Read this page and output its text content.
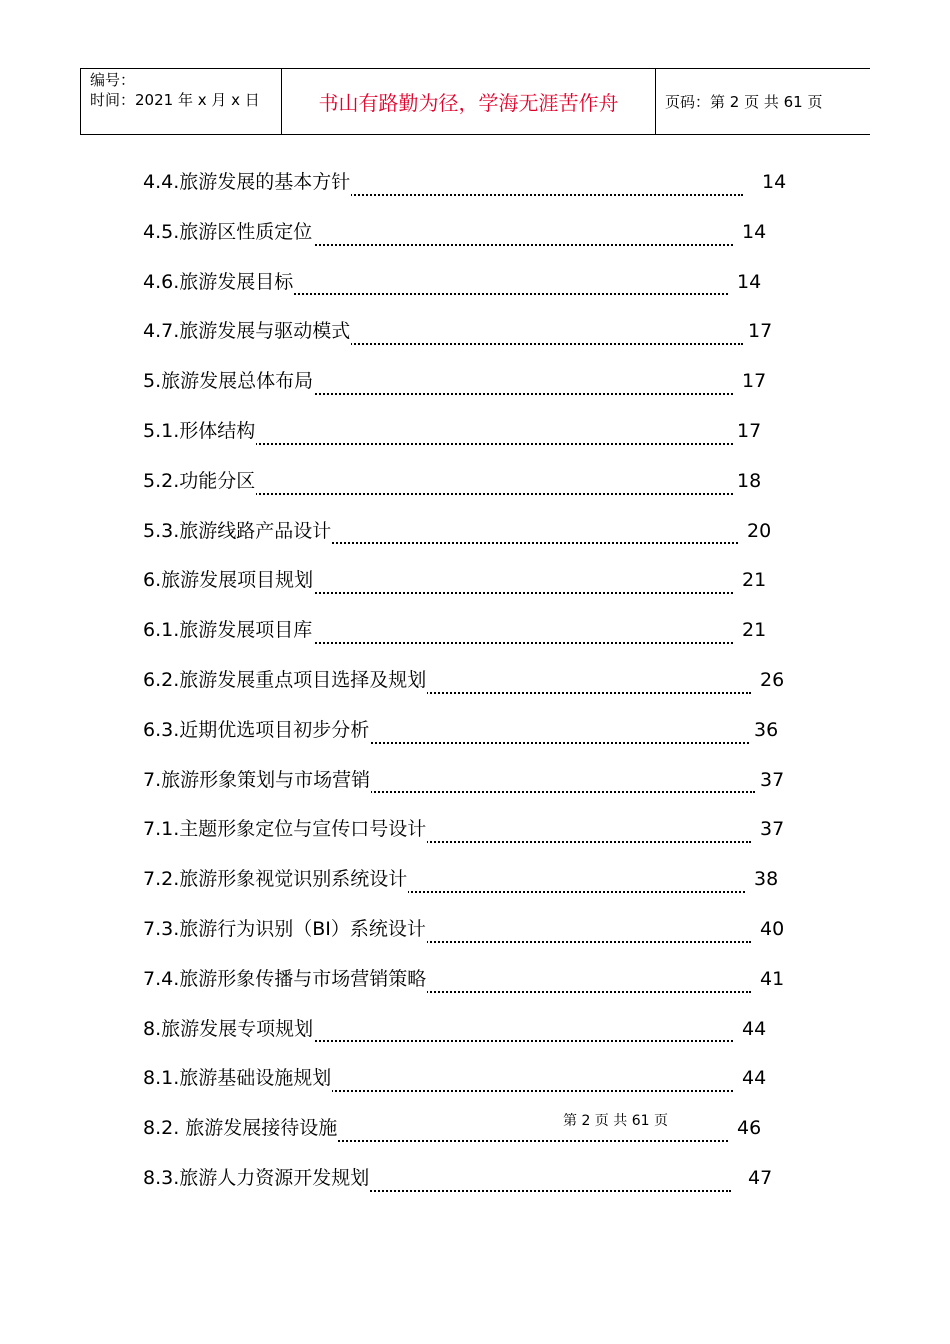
编号：
时间：2021 年 x 月 x 日	书山有路勤为径，学海无涯苦作舟	页码：第 2 页 共 61 页
4.4.旅游发展的基本方针	14
4.5.旅游区性质定位	14
4.6.旅游发展目标	14
4.7.旅游发展与驱动模式	17
5.旅游发展总体布局	17
5.1.形体结构	17
5.2.功能分区	18
5.3.旅游线路产品设计	20
6.旅游发展项目规划	21
6.1.旅游发展项目库	21
6.2.旅游发展重点项目选择及规划	26
6.3.近期优选项目初步分析	36
7.旅游形象策划与市场营销	37
7.1.主题形象定位与宣传口号设计	37
7.2.旅游形象视觉识别系统设计	38
7.3.旅游行为识别（BI）系统设计	40
7.4.旅游形象传播与市场营销策略	41
8.旅游发展专项规划	44
8.1.旅游基础设施规划	44
8.2. 旅游发展接待设施	46
8.3.旅游人力资源开发规划	47
第 2 页 共 61 页
